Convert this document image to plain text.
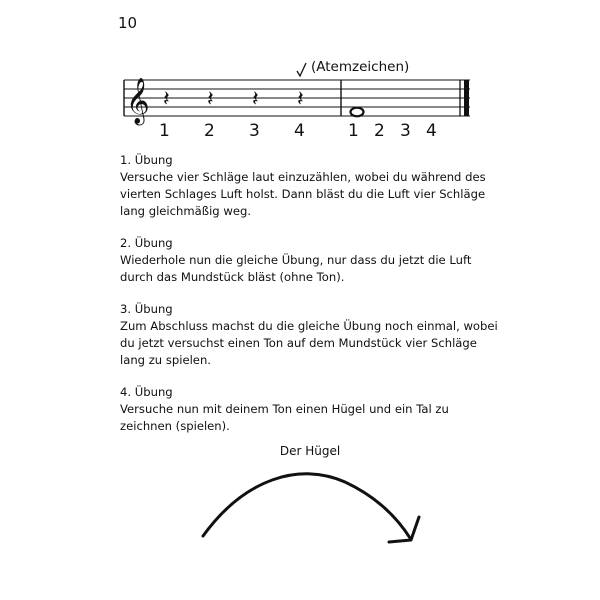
10
𝄞 𝄽 𝄽 𝄽 𝄽
(Atemzeichen)
1 2 3 4	1 2 3 4
1. Übung
Versuche vier Schläge laut einzuzählen, wobei du während des vierten Schlages Luft holst. Dann bläst du die Luft vier Schläge lang gleichmäßig weg.
2. Übung
Wiederhole nun die gleiche Übung, nur dass du jetzt die Luft durch das Mundstück bläst (ohne Ton).
3. Übung
Zum Abschluss machst du die gleiche Übung noch einmal, wobei du jetzt versuchst einen Ton auf dem Mundstück vier Schläge lang zu spielen.
4. Übung
Versuche nun mit deinem Ton einen Hügel und ein Tal zu zeichnen (spielen).
Der Hügel
